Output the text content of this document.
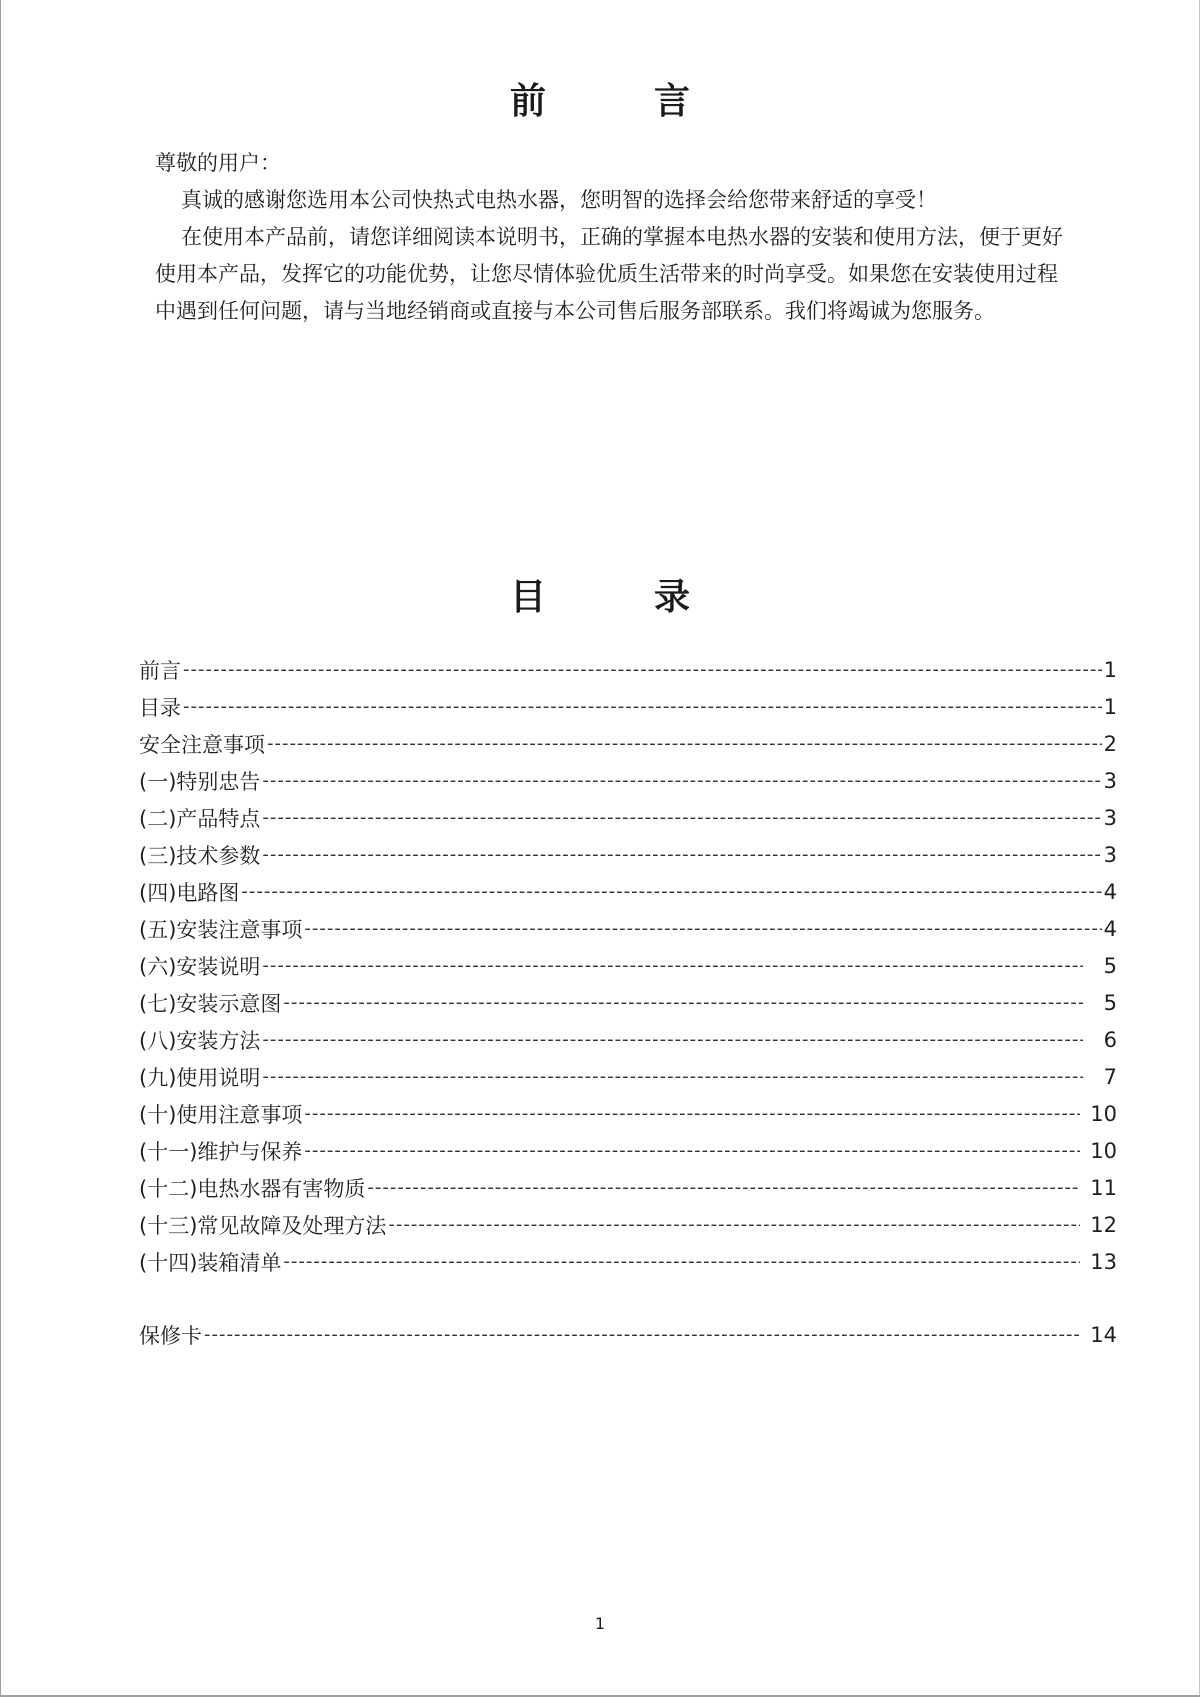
前　言

尊敬的用户：

真诚的感谢您选用本公司快热式电热水器，您明智的选择会给您带来舒适的享受！

在使用本产品前，请您详细阅读本说明书，正确的掌握本电热水器的安装和使用方法，便于更好使用本产品，发挥它的功能优势，让您尽情体验优质生活带来的时尚享受。如果您在安装使用过程中遇到任何问题，请与当地经销商或直接与本公司售后服务部联系。我们将竭诚为您服务。

目　录
前言 -----	1
目录 -----	1
安全注意事项 -----	2
(一)特别忠告 -----	3
(二)产品特点 -----	3
(三)技术参数 -----	3
(四)电路图 -----	4
(五)安装注意事项 -----	4
(六)安装说明 -----	5
(七)安装示意图 -----	5
(八)安装方法 -----	6
(九)使用说明 -----	7
(十)使用注意事项 -----	10
(十一)维护与保养 -----	10
(十二)电热水器有害物质 -----	11
(十三)常见故障及处理方法 -----	12
(十四)装箱清单 -----	13
保修卡 -----	14
1
